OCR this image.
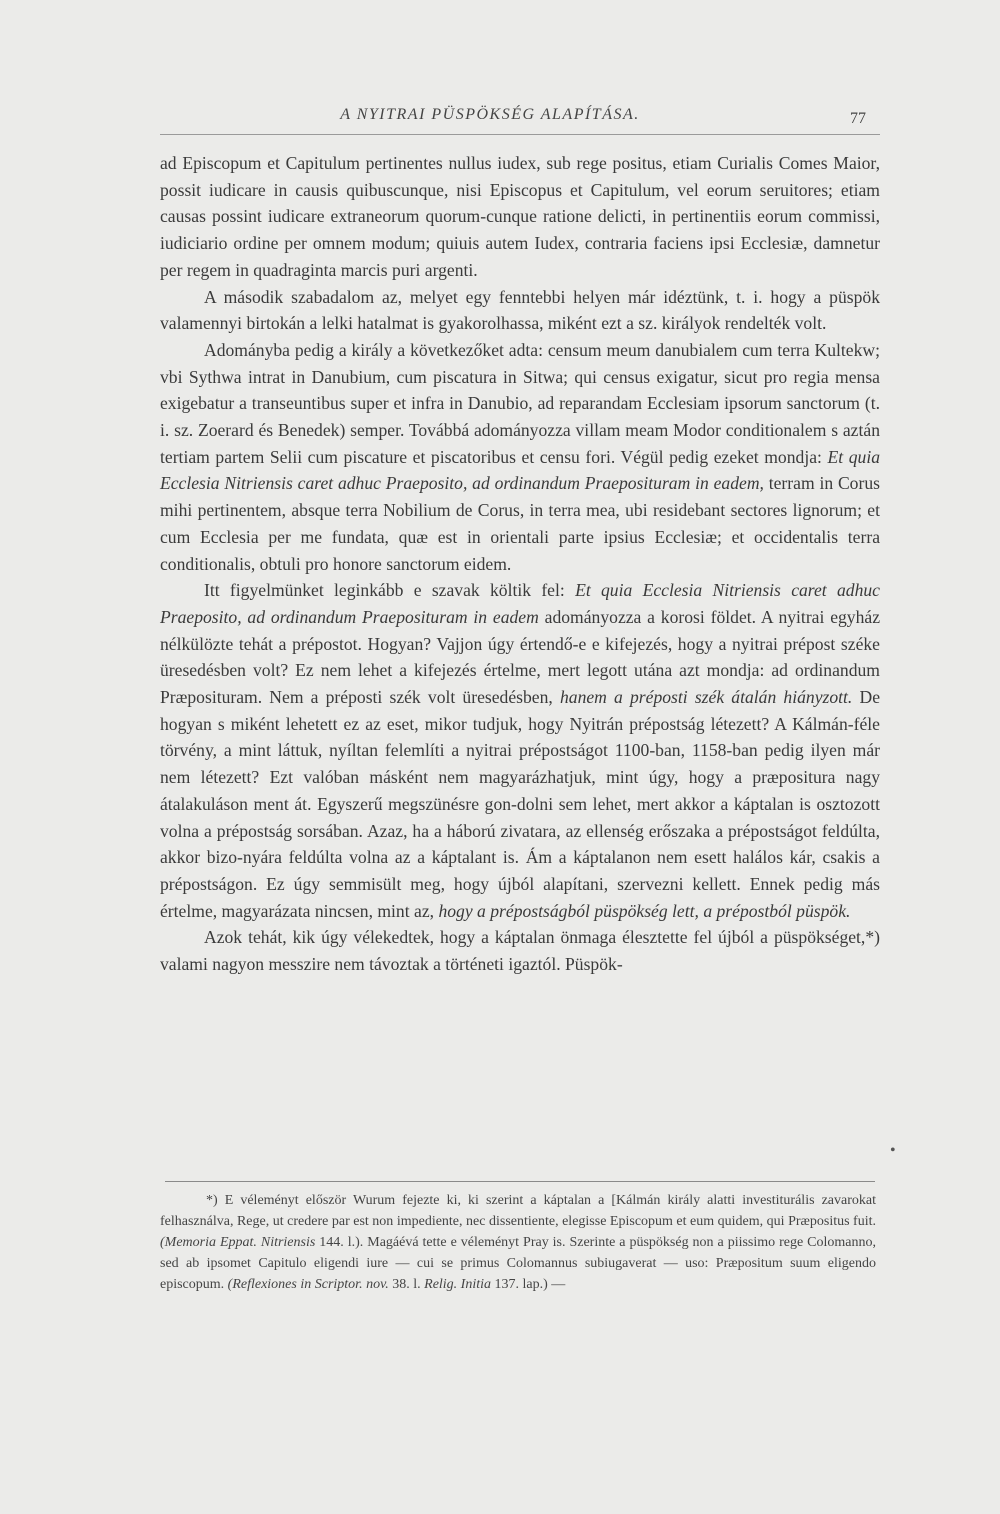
A NYITRAI PÜSPÖKSÉG ALAPÍTÁSA.	77

ad Episcopum et Capitulum pertinentes nullus iudex, sub rege positus, etiam Curialis Comes Maior, possit iudicare in causis quibuscunque, nisi Episcopus et Capitulum, vel eorum seruitores; etiam causas possint iudicare extraneorum quorum-cunque ratione delicti, in pertinentiis eorum commissi, iudiciario ordine per omnem modum; quiuis autem Iudex, contraria faciens ipsi Ecclesiæ, damnetur per regem in quadraginta marcis puri argenti.

A második szabadalom az, melyet egy fenntebbi helyen már idéztünk, t. i. hogy a püspök valamennyi birtokán a lelki hatalmat is gyakorolhassa, miként ezt a sz. királyok rendelték volt.

Adományba pedig a király a következőket adta: censum meum danubialem cum terra Kultekw; vbi Sythwa intrat in Danubium, cum piscatura in Sitwa; qui census exigatur, sicut pro regia mensa exigebatur a transeuntibus super et infra in Danubio, ad reparandam Ecclesiam ipsorum sanctorum (t. i. sz. Zoerard és Benedek) semper. Továbbá adományozza villam meam Modor conditionalem s aztán tertiam partem Selii cum piscature et piscatoribus et censu fori. Végül pedig ezeket mondja: Et quia Ecclesia Nitriensis caret adhuc Praeposito, ad ordinandum Praeposituram in eadem, terram in Corus mihi pertinentem, absque terra Nobilium de Corus, in terra mea, ubi residebant sectores lignorum; et cum Ecclesia per me fundata, quæ est in orientali parte ipsius Ecclesiæ; et occidentalis terra conditionalis, obtuli pro honore sanctorum eidem.

Itt figyelmünket leginkább e szavak költik fel: Et quia Ecclesia Nitriensis caret adhuc Praeposito, ad ordinandum Praeposituram in eadem adományozza a korosi földet. A nyitrai egyház nélkülözte tehát a prépostot. Hogyan? Vajjon úgy értendő-e e kifejezés, hogy a nyitrai prépost széke üresedésben volt? Ez nem lehet a kifejezés értelme, mert legott utána azt mondja: ad ordinandum Præposituram. Nem a préposti szék volt üresedésben, hanem a préposti szék átalán hiányzott. De hogyan s miként lehetett ez az eset, mikor tudjuk, hogy Nyitrán prépostság létezett? A Kálmán-féle törvény, a mint láttuk, nyíltan felemlíti a nyitrai prépostságot 1100-ban, 1158-ban pedig ilyen már nem létezett? Ezt valóban másként nem magyarázhatjuk, mint úgy, hogy a præpositura nagy átalakuláson ment át. Egyszerű megszünésre gon-dolni sem lehet, mert akkor a káptalan is osztozott volna a prépostság sorsában. Azaz, ha a háború zivatara, az ellenség erőszaka a prépostságot feldúlta, akkor bizo-nyára feldúlta volna az a káptalant is. Ám a káptalanon nem esett halálos kár, csakis a prépostságon. Ez úgy semmisült meg, hogy újból alapítani, szervezni kellett. Ennek pedig más értelme, magyarázata nincsen, mint az, hogy a prépostságból püspökség lett, a prépostból püspök.

Azok tehát, kik úgy vélekedtek, hogy a káptalan önmaga élesztette fel újból a püspökséget,*) valami nagyon messzire nem távoztak a történeti igaztól. Püspök-

•

*) E véleményt először Wurum fejezte ki, ki szerint a káptalan a [Kálmán király alatti investiturális zavarokat felhasználva, Rege, ut credere par est non impediente, nec dissentiente, elegisse Episcopum et eum quidem, qui Præpositus fuit. (Memoria Eppat. Nitriensis 144. l.). Magáévá tette e véleményt Pray is. Szerinte a püspökség non a piissimo rege Colomanno, sed ab ipsomet Capitulo eligendi iure — cui se primus Colomannus subiugaverat — uso: Præpositum suum eligendo episcopum. (Reflexiones in Scriptor. nov. 38. l. Relig. Initia 137. lap.) —
